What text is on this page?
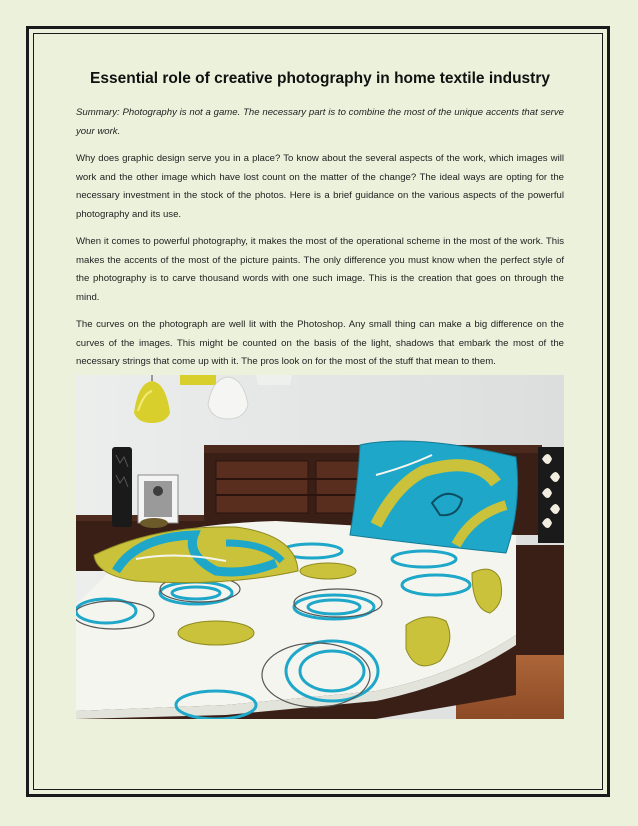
Essential role of creative photography in home textile industry

Summary: Photography is not a game. The necessary part is to combine the most of the unique accents that serve your work.

Why does graphic design serve you in a place? To know about the several aspects of the work, which images will work and the other image which have lost count on the matter of the change? The ideal ways are opting for the necessary investment in the stock of the photos. Here is a brief guidance on the various aspects of the powerful photography and its use.

When it comes to powerful photography, it makes the most of the operational scheme in the most of the work. This makes the accents of the most of the picture paints. The only difference you must know when the perfect style of the photography is to carve thousand words with one such image. This is the creation that goes on through the mind.

The curves on the photograph are well lit with the Photoshop. Any small thing can make a big difference on the curves of the images. This might be counted on the basis of the light, shadows that embark the most of the necessary strings that come up with it. The pros look on for the most of the stuff that mean to them.
